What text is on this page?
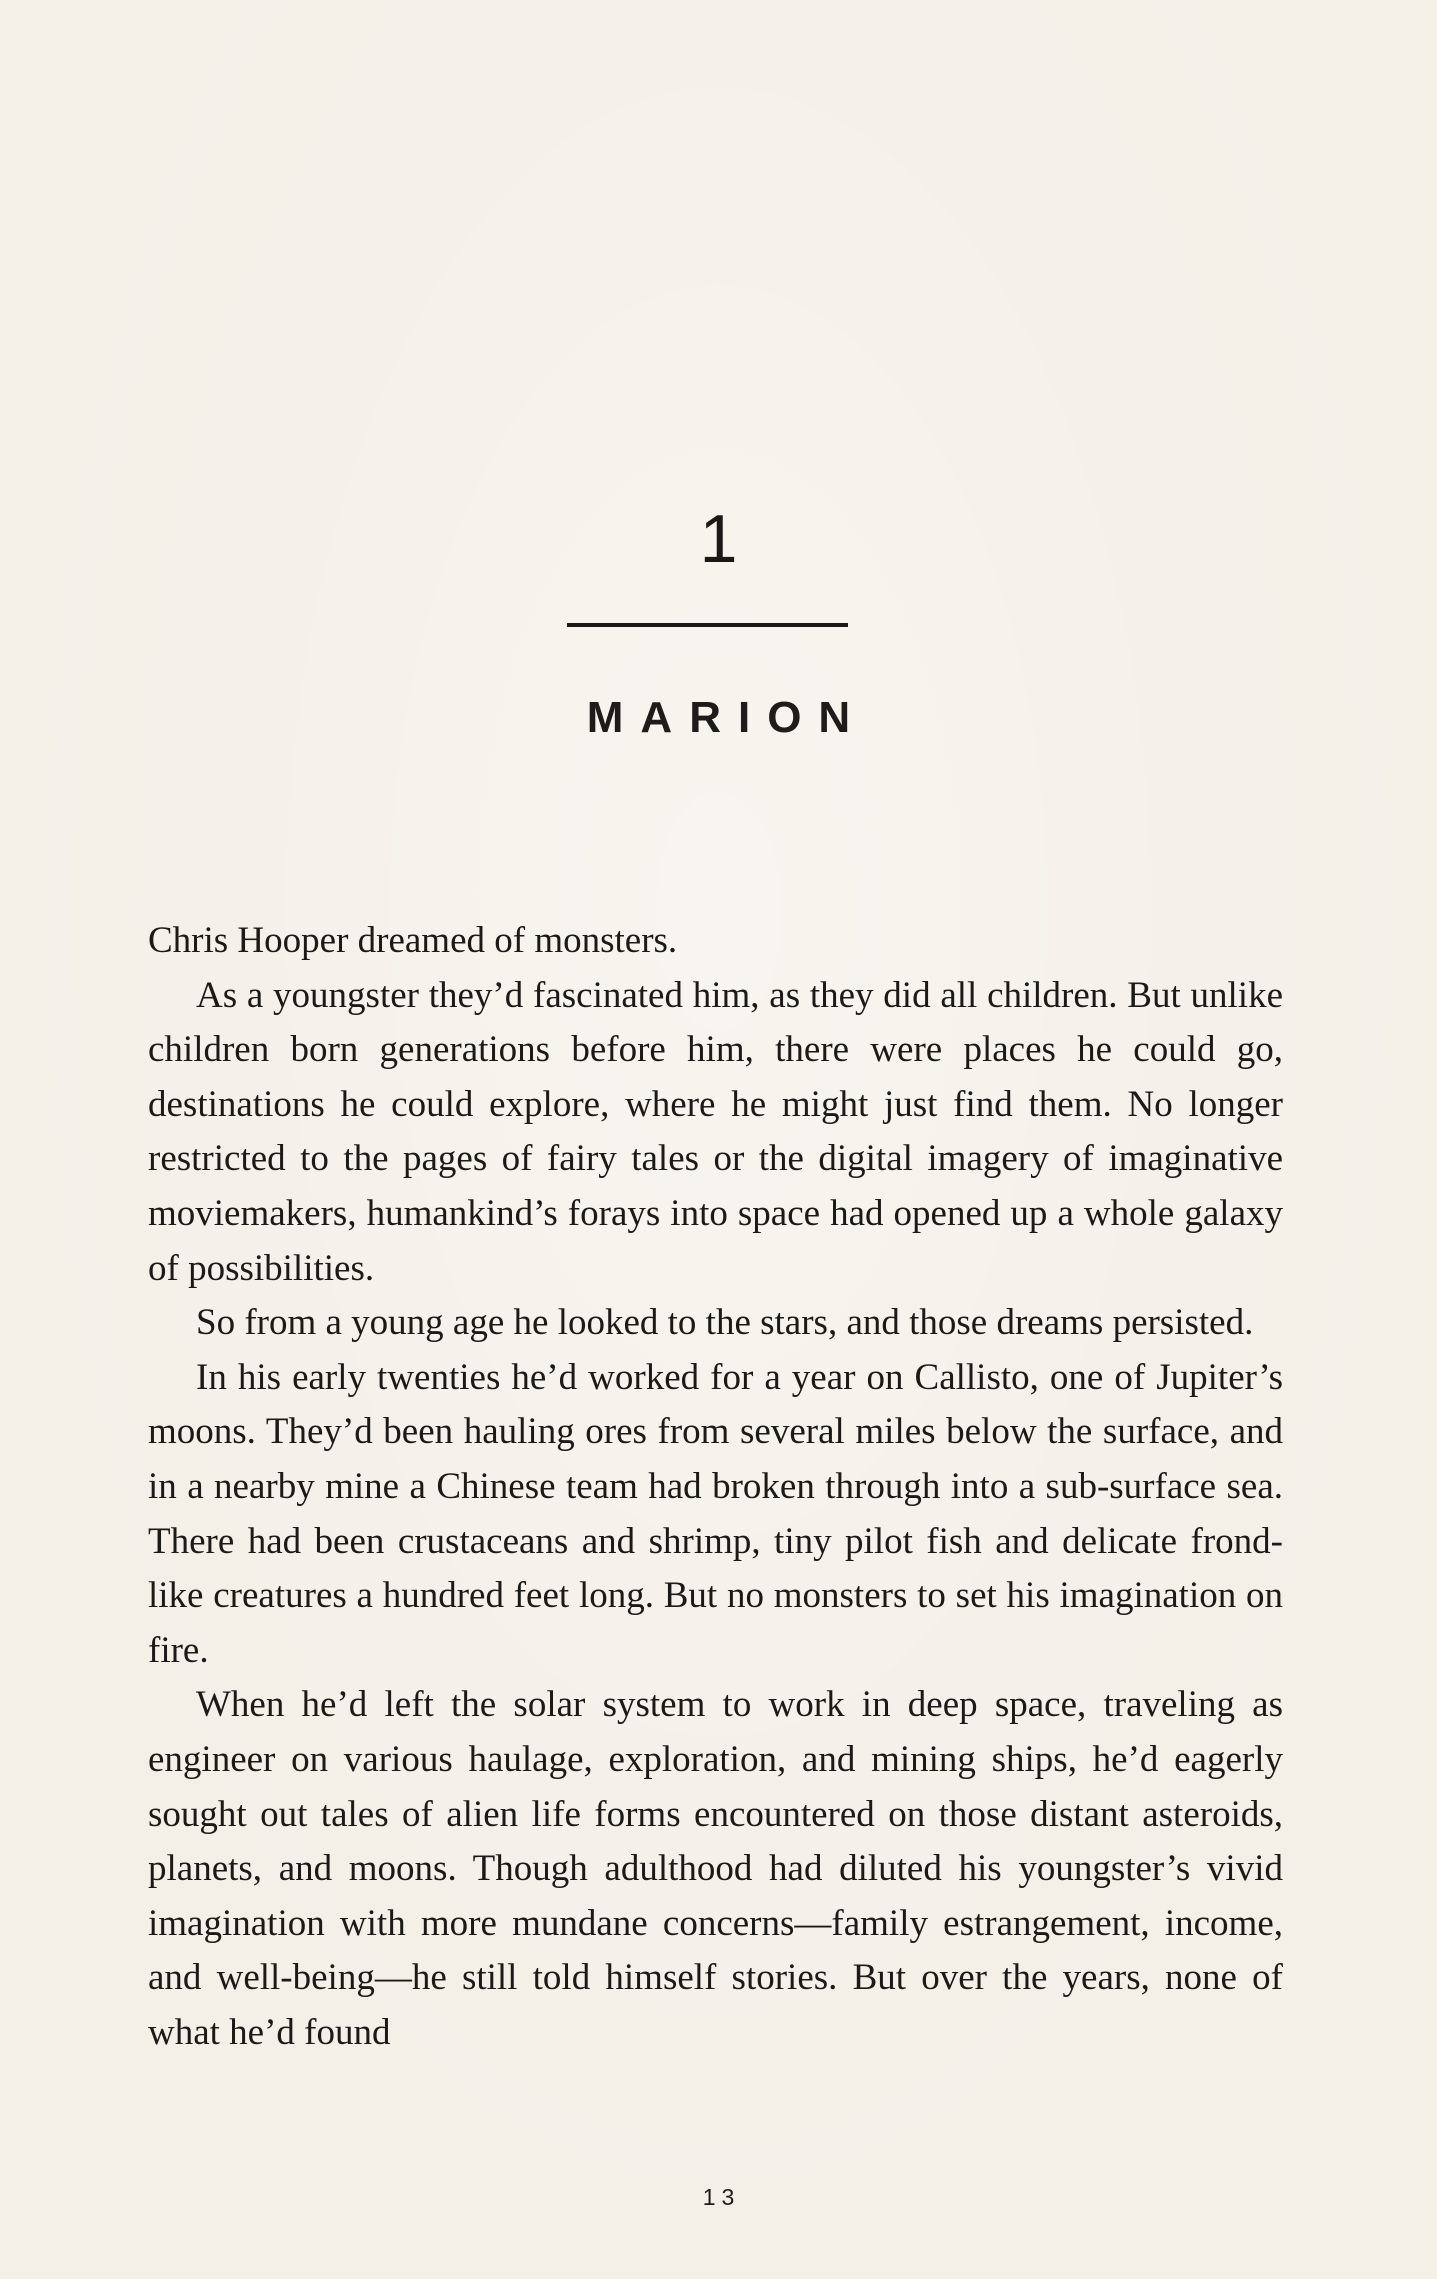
1
MARION

Chris Hooper dreamed of monsters.

As a youngster they’d fascinated him, as they did all children. But unlike children born generations before him, there were places he could go, destinations he could explore, where he might just find them. No longer restricted to the pages of fairy tales or the digital imagery of imaginative moviemakers, humankind’s forays into space had opened up a whole galaxy of possibilities.

So from a young age he looked to the stars, and those dreams persisted.

In his early twenties he’d worked for a year on Callisto, one of Jupiter’s moons. They’d been hauling ores from several miles below the surface, and in a nearby mine a Chinese team had broken through into a sub-surface sea. There had been crustaceans and shrimp, tiny pilot fish and delicate frond-like creatures a hundred feet long. But no monsters to set his imagination on fire.

When he’d left the solar system to work in deep space, traveling as engineer on various haulage, exploration, and mining ships, he’d eagerly sought out tales of alien life forms encountered on those distant asteroids, planets, and moons. Though adulthood had diluted his youngster’s vivid imagination with more mundane concerns—family estrangement, income, and well-being—he still told himself stories. But over the years, none of what he’d found

13
